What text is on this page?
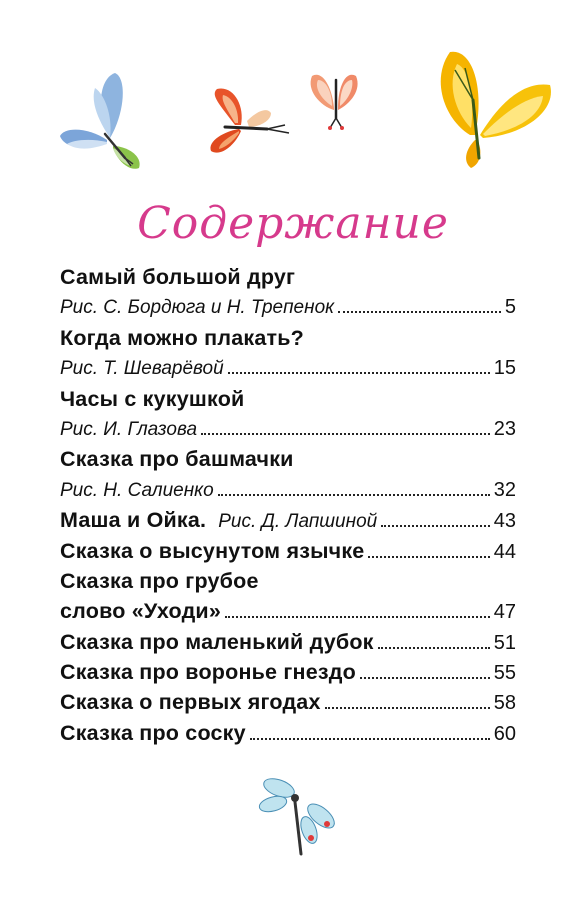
Содержание
Самый большой друг
Рис. С. Бордюга и Н. Трепенок	5
Когда можно плакать?
Рис. Т. Шеварёвой	15
Часы с кукушкой
Рис. И. Глазова	23
Сказка про башмачки
Рис. Н. Салиенко	32
Маша и Ойка. Рис. Д. Лапшиной	43
Сказка о высунутом язычке	44
Сказка про грубое
слово «Уходи»	47
Сказка про маленький дубок	51
Сказка про воронье гнездо	55
Сказка о первых ягодах	58
Сказка про соску	60
